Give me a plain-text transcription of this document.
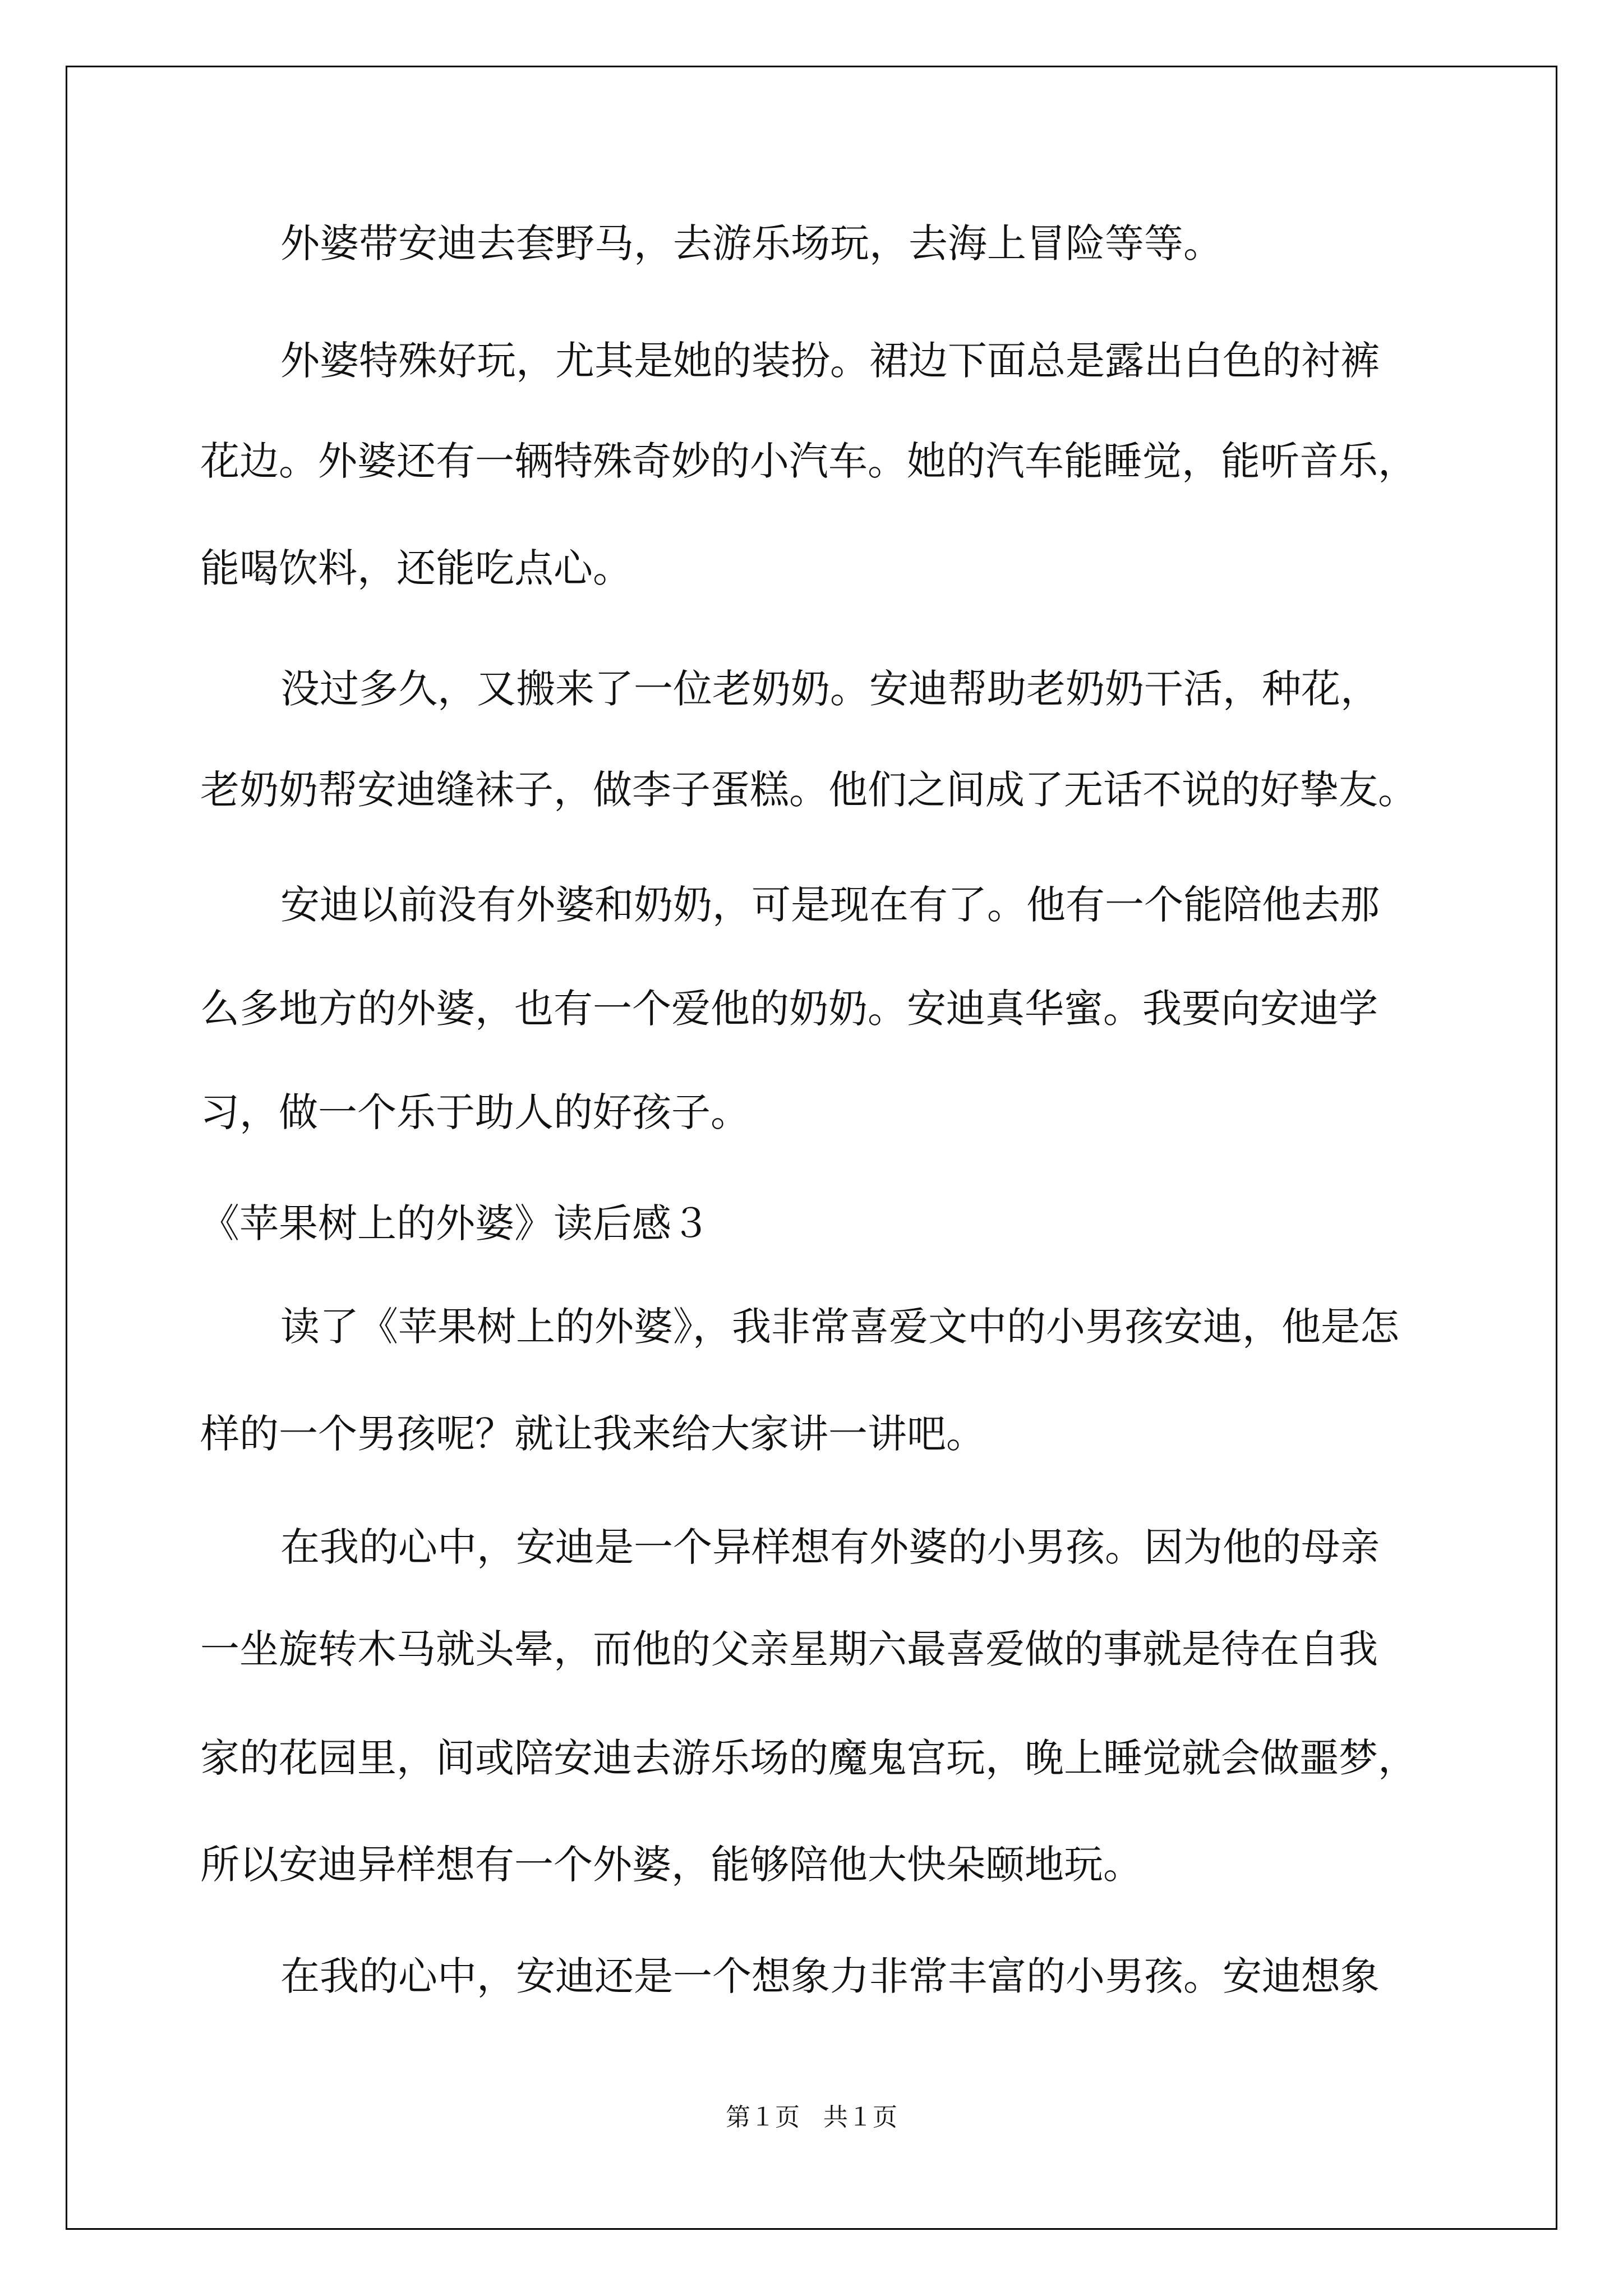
外婆带安迪去套野马，去游乐场玩，去海上冒险等等。

外婆特殊好玩，尤其是她的装扮。裙边下面总是露出白色的衬裤

花边。外婆还有一辆特殊奇妙的小汽车。她的汽车能睡觉，能听音乐，

能喝饮料，还能吃点心。

没过多久，又搬来了一位老奶奶。安迪帮助老奶奶干活，种花，

老奶奶帮安迪缝袜子，做李子蛋糕。他们之间成了无话不说的好挚友。

安迪以前没有外婆和奶奶，可是现在有了。他有一个能陪他去那

么多地方的外婆，也有一个爱他的奶奶。安迪真华蜜。我要向安迪学

习，做一个乐于助人的好孩子。

《苹果树上的外婆》读后感３

读了《苹果树上的外婆》，我非常喜爱文中的小男孩安迪，他是怎

样的一个男孩呢？就让我来给大家讲一讲吧。

在我的心中，安迪是一个异样想有外婆的小男孩。因为他的母亲

一坐旋转木马就头晕，而他的父亲星期六最喜爱做的事就是待在自我

家的花园里，间或陪安迪去游乐场的魔鬼宫玩，晚上睡觉就会做噩梦，

所以安迪异样想有一个外婆，能够陪他大快朵颐地玩。

在我的心中，安迪还是一个想象力非常丰富的小男孩。安迪想象

第１页 共１页
